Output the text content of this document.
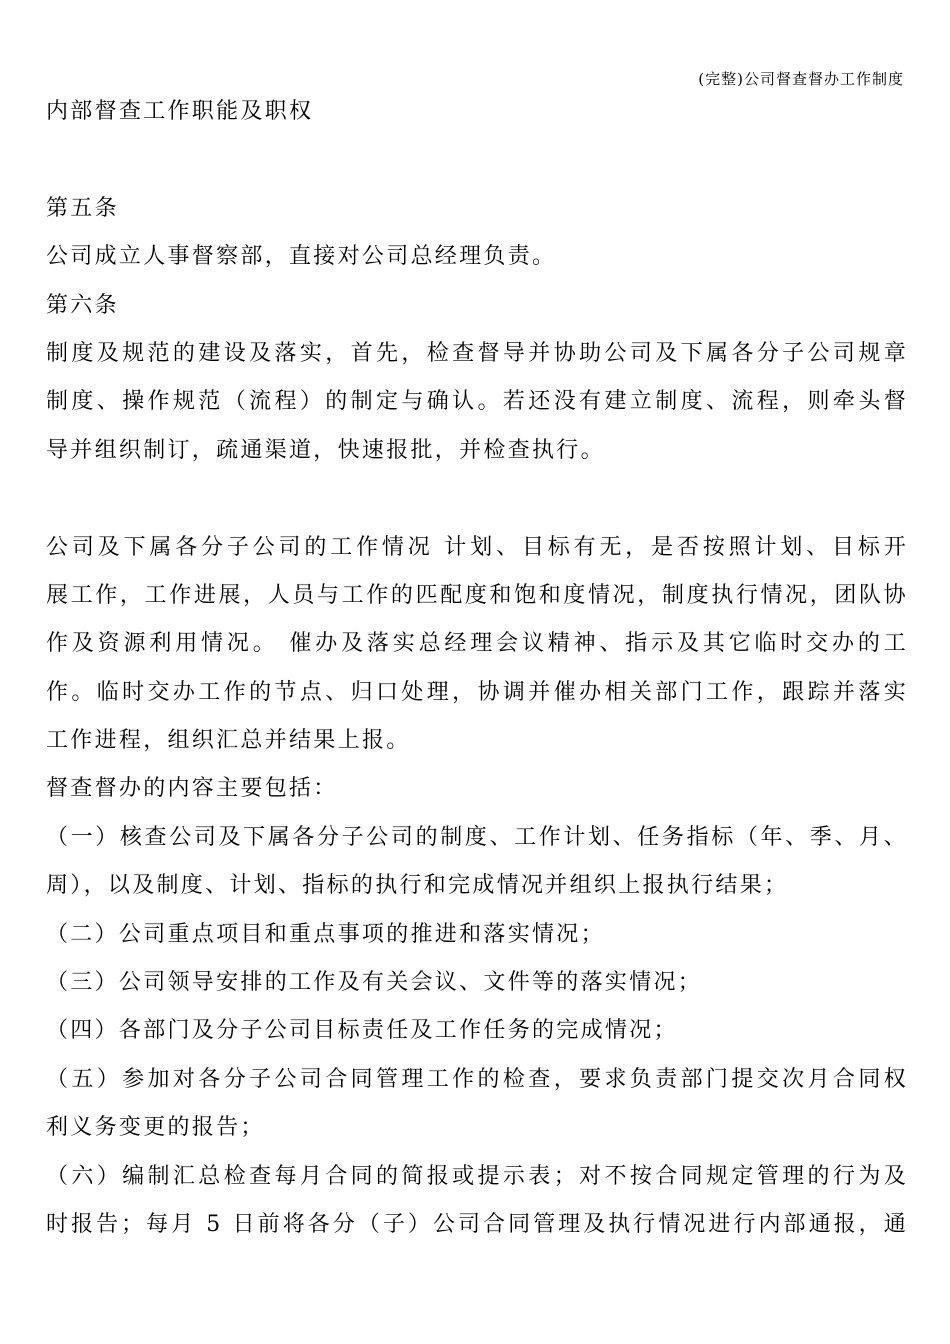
(完整)公司督查督办工作制度
内部督查工作职能及职权
第五条
公司成立人事督察部，直接对公司总经理负责。
第六条
制度及规范的建设及落实，首先，检查督导并协助公司及下属各分子公司规章
制度、操作规范（流程）的制定与确认。若还没有建立制度、流程，则牵头督
导并组织制订，疏通渠道，快速报批，并检查执行。
公司及下属各分子公司的工作情况 计划、目标有无，是否按照计划、目标开
展工作，工作进展，人员与工作的匹配度和饱和度情况，制度执行情况，团队协
作及资源利用情况。 催办及落实总经理会议精神、指示及其它临时交办的工
作。临时交办工作的节点、归口处理，协调并催办相关部门工作，跟踪并落实
工作进程，组织汇总并结果上报。
督查督办的内容主要包括：
（一）核查公司及下属各分子公司的制度、工作计划、任务指标（年、季、月、
周），以及制度、计划、指标的执行和完成情况并组织上报执行结果；
（二）公司重点项目和重点事项的推进和落实情况；
（三）公司领导安排的工作及有关会议、文件等的落实情况；
（四）各部门及分子公司目标责任及工作任务的完成情况；
（五）参加对各分子公司合同管理工作的检查，要求负责部门提交次月合同权
利义务变更的报告；
（六）编制汇总检查每月合同的简报或提示表；对不按合同规定管理的行为及
时报告；每月 5 日前将各分（子）公司合同管理及执行情况进行内部通报，通
